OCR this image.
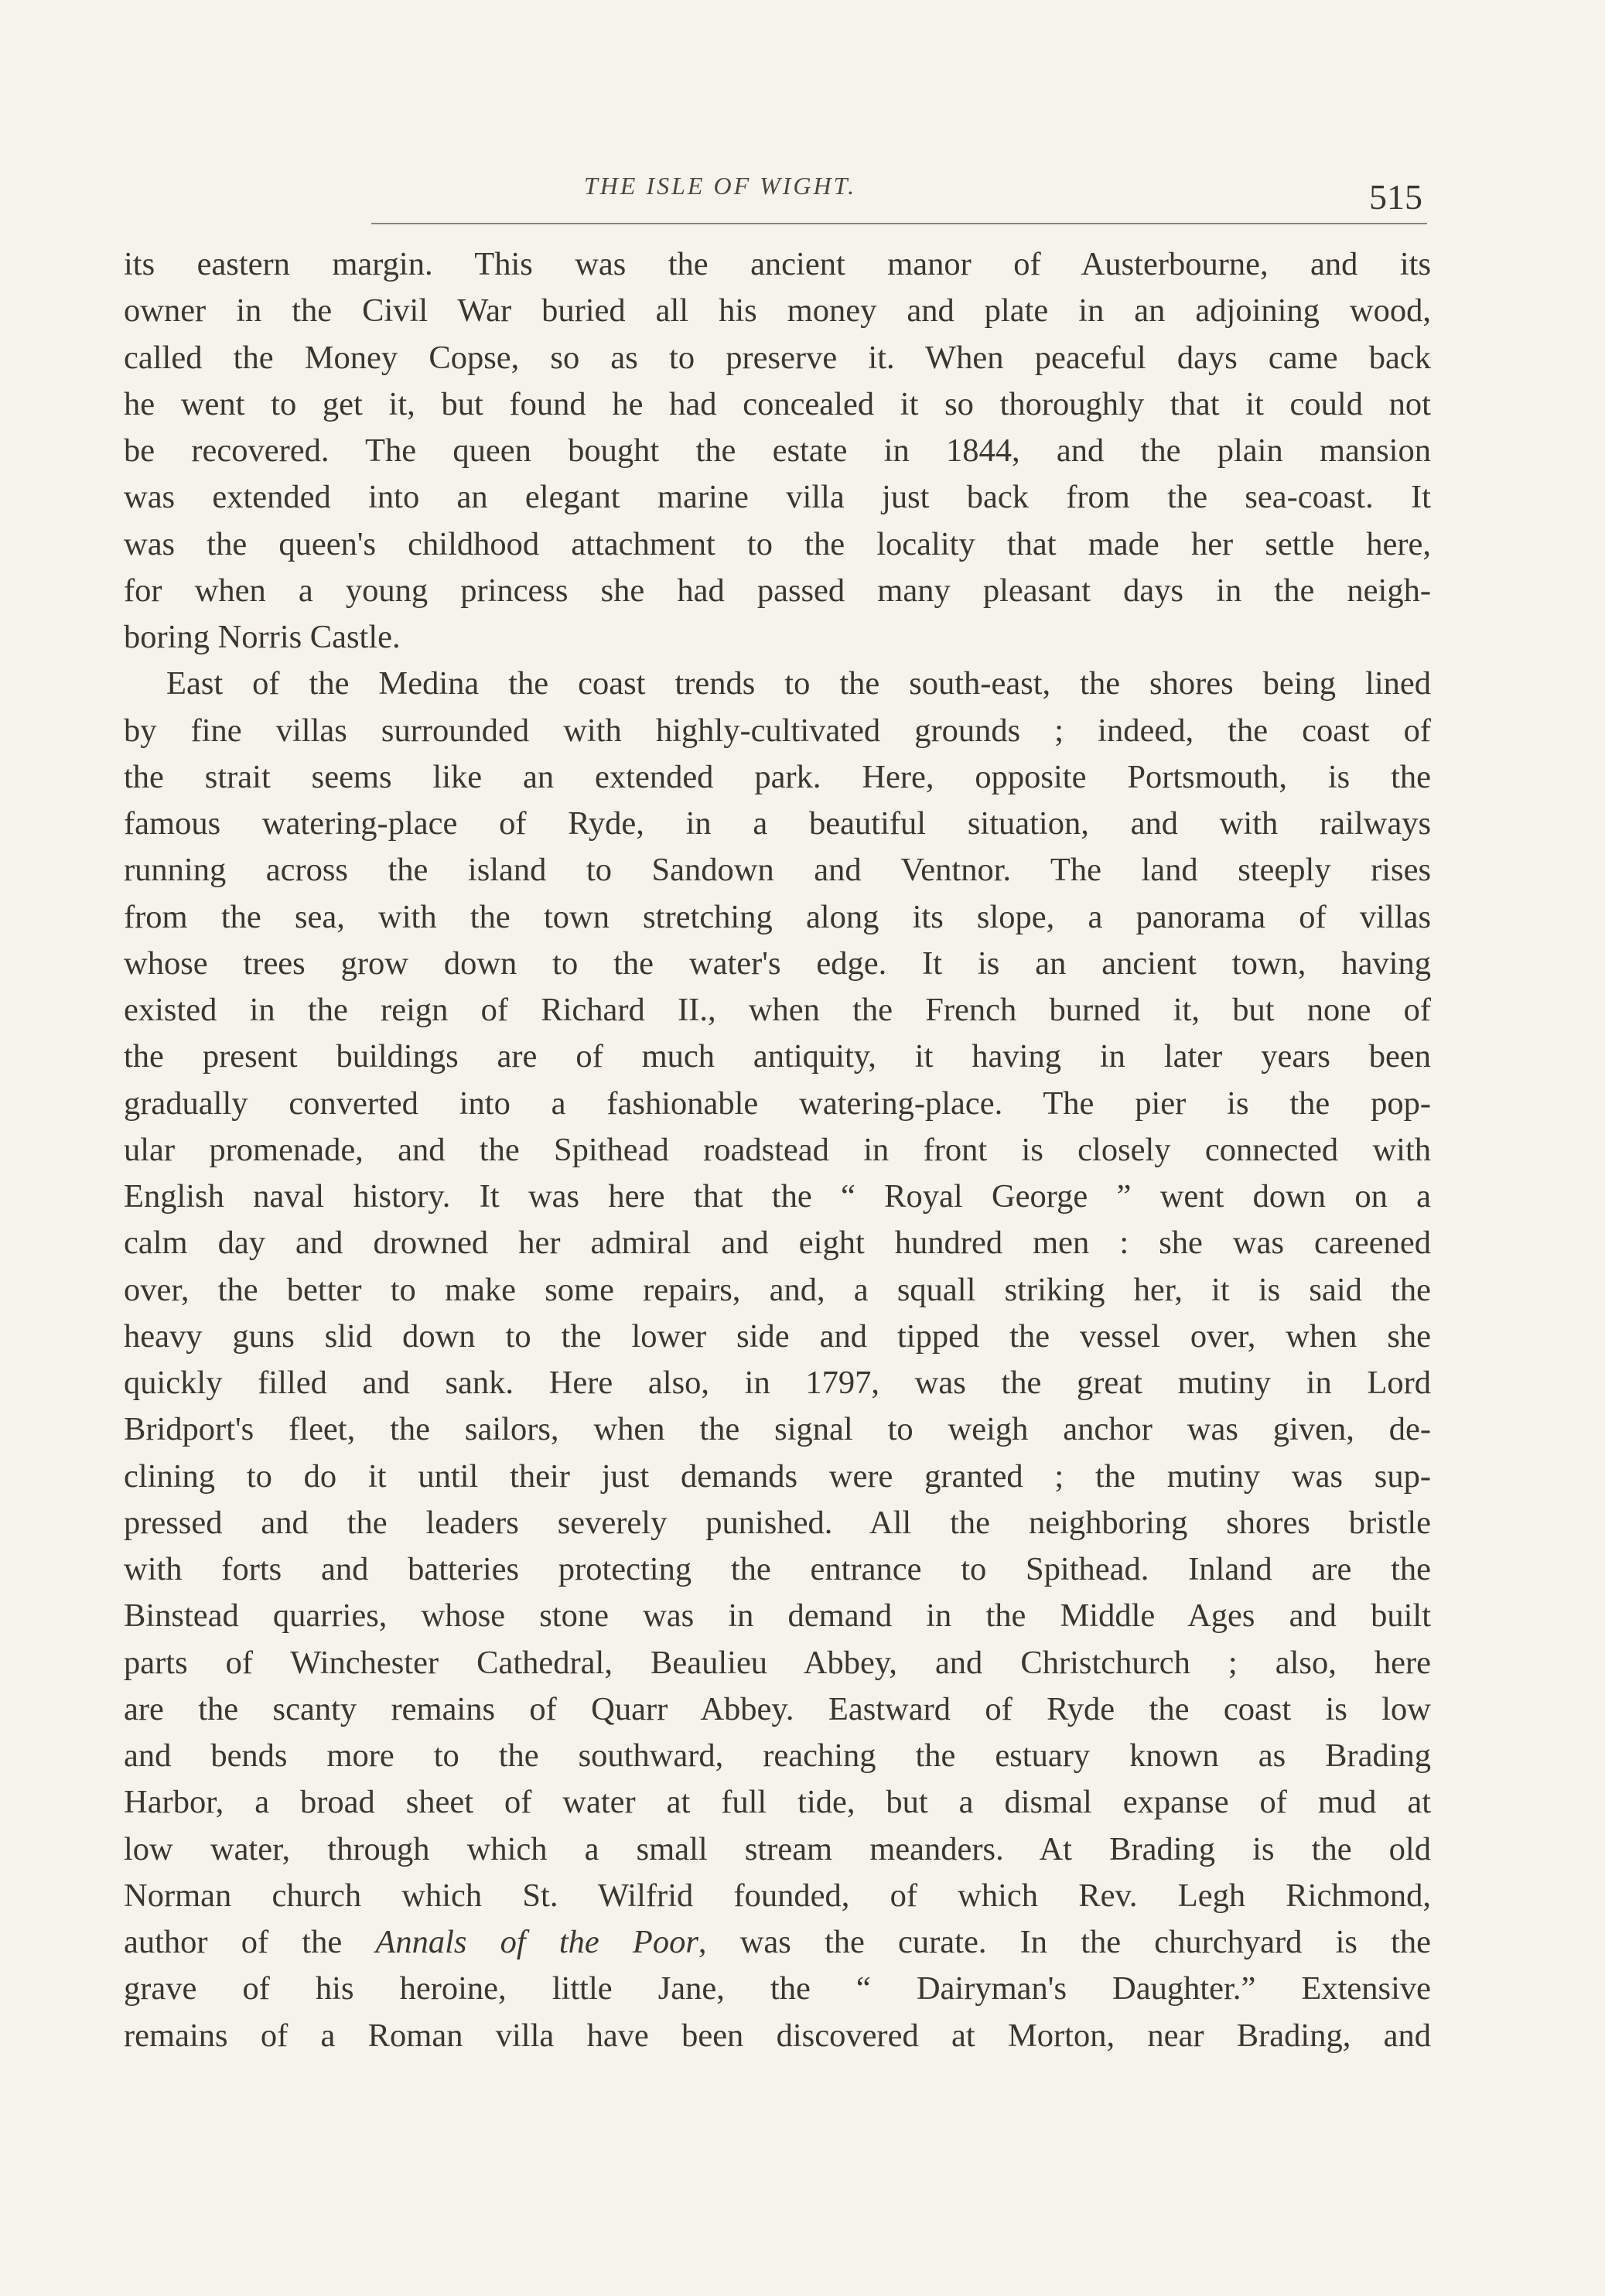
THE ISLE OF WIGHT.	515
its eastern margin. This was the ancient manor of Austerbourne, and its
owner in the Civil War buried all his money and plate in an adjoining wood,
called the Money Copse, so as to preserve it. When peaceful days came back
he went to get it, but found he had concealed it so thoroughly that it could not
be recovered. The queen bought the estate in 1844, and the plain mansion
was extended into an elegant marine villa just back from the sea-coast. It
was the queen's childhood attachment to the locality that made her settle here,
for when a young princess she had passed many pleasant days in the neigh-
boring Norris Castle.
East of the Medina the coast trends to the south-east, the shores being lined
by fine villas surrounded with highly-cultivated grounds ; indeed, the coast of
the strait seems like an extended park. Here, opposite Portsmouth, is the
famous watering-place of Ryde, in a beautiful situation, and with railways
running across the island to Sandown and Ventnor. The land steeply rises
from the sea, with the town stretching along its slope, a panorama of villas
whose trees grow down to the water's edge. It is an ancient town, having
existed in the reign of Richard II., when the French burned it, but none of
the present buildings are of much antiquity, it having in later years been
gradually converted into a fashionable watering-place. The pier is the pop-
ular promenade, and the Spithead roadstead in front is closely connected with
English naval history. It was here that the “ Royal George ” went down on a
calm day and drowned her admiral and eight hundred men : she was careened
over, the better to make some repairs, and, a squall striking her, it is said the
heavy guns slid down to the lower side and tipped the vessel over, when she
quickly filled and sank. Here also, in 1797, was the great mutiny in Lord
Bridport's fleet, the sailors, when the signal to weigh anchor was given, de-
clining to do it until their just demands were granted ; the mutiny was sup-
pressed and the leaders severely punished. All the neighboring shores bristle
with forts and batteries protecting the entrance to Spithead. Inland are the
Binstead quarries, whose stone was in demand in the Middle Ages and built
parts of Winchester Cathedral, Beaulieu Abbey, and Christchurch ; also, here
are the scanty remains of Quarr Abbey. Eastward of Ryde the coast is low
and bends more to the southward, reaching the estuary known as Brading
Harbor, a broad sheet of water at full tide, but a dismal expanse of mud at
low water, through which a small stream meanders. At Brading is the old
Norman church which St. Wilfrid founded, of which Rev. Legh Richmond,
author of the Annals of the Poor, was the curate. In the churchyard is the
grave of his heroine, little Jane, the “ Dairyman's Daughter.” Extensive
remains of a Roman villa have been discovered at Morton, near Brading, and
